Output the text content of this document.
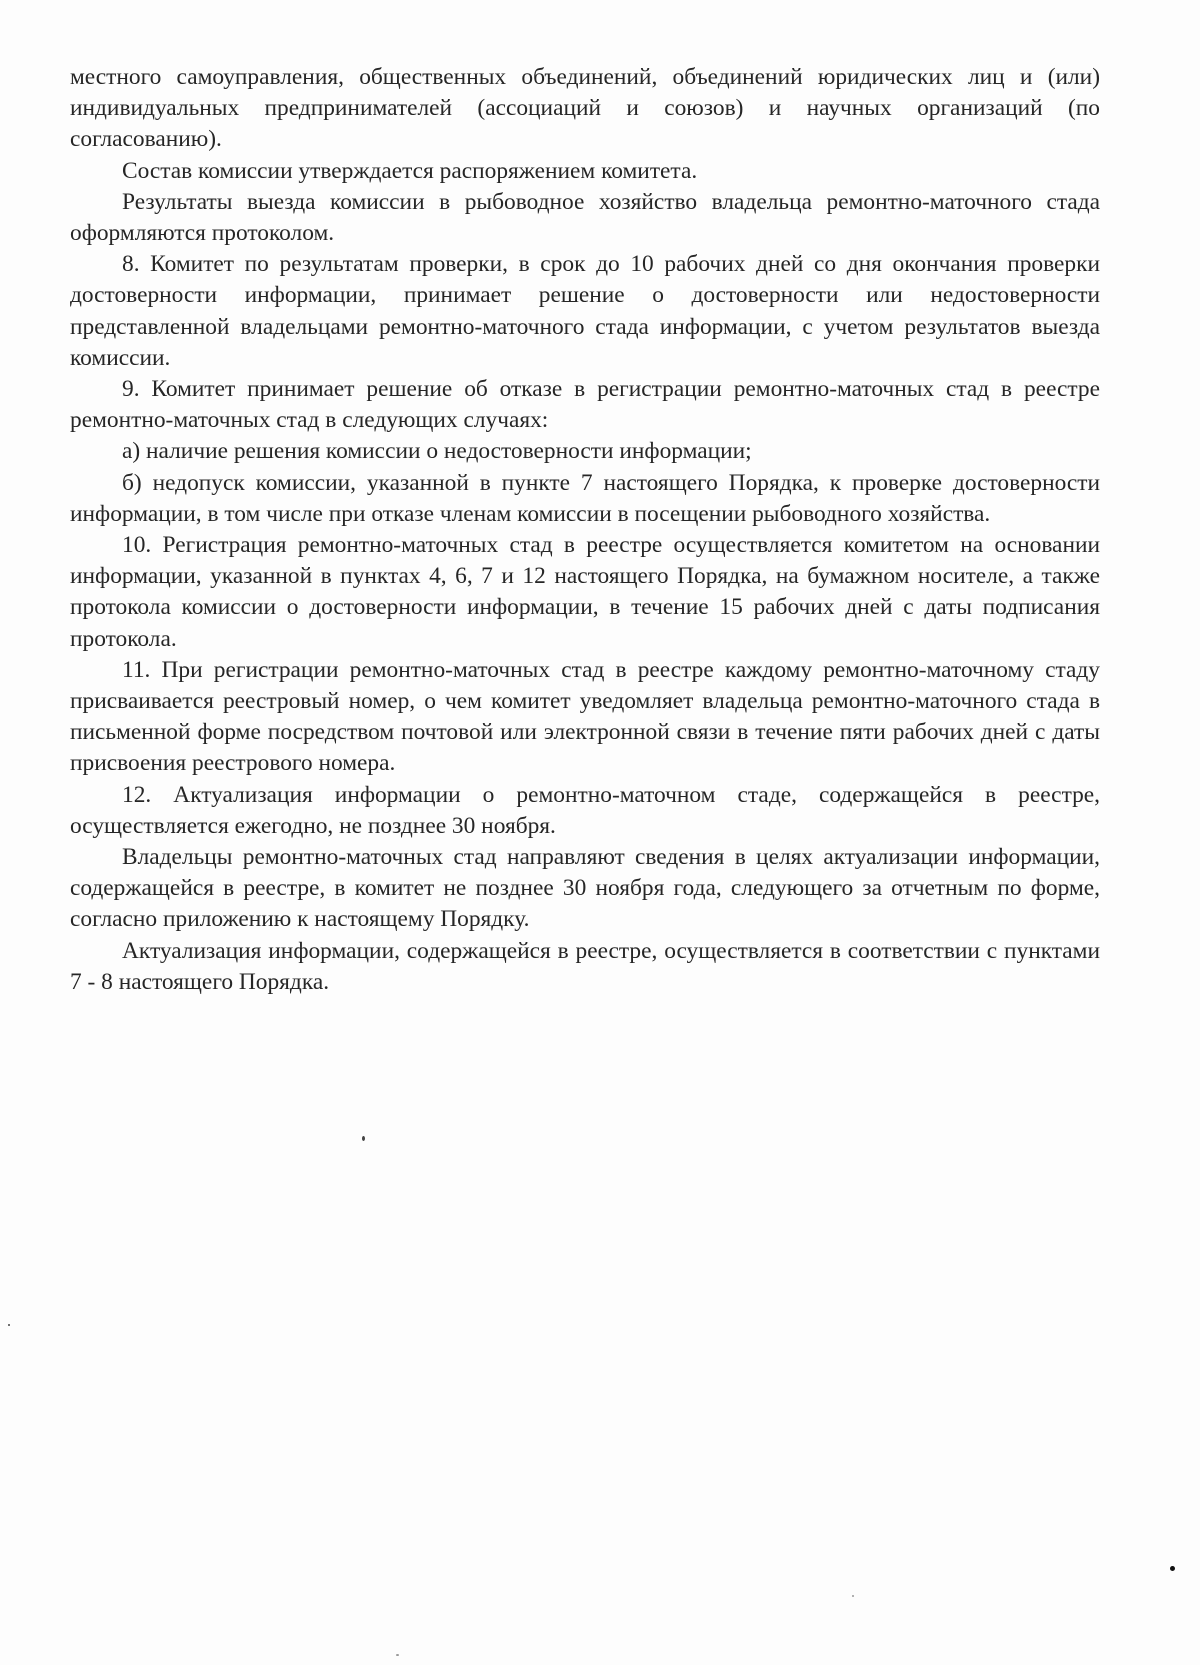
местного самоуправления, общественных объединений, объединений юридических лиц и (или) индивидуальных предпринимателей (ассоциаций и союзов) и научных организаций (по согласованию).

Состав комиссии утверждается распоряжением комитета.

Результаты выезда комиссии в рыбоводное хозяйство владельца ремонтно-маточного стада оформляются протоколом.

8. Комитет по результатам проверки, в срок до 10 рабочих дней со дня окончания проверки достоверности информации, принимает решение о достоверности или недостоверности представленной владельцами ремонтно-маточного стада информации, с учетом результатов выезда комиссии.

9. Комитет принимает решение об отказе в регистрации ремонтно-маточных стад в реестре ремонтно-маточных стад в следующих случаях:

а) наличие решения комиссии о недостоверности информации;

б) недопуск комиссии, указанной в пункте 7 настоящего Порядка, к проверке достоверности информации, в том числе при отказе членам комиссии в посещении рыбоводного хозяйства.

10. Регистрация ремонтно-маточных стад в реестре осуществляется комитетом на основании информации, указанной в пунктах 4, 6, 7 и 12 настоящего Порядка, на бумажном носителе, а также протокола комиссии о достоверности информации, в течение 15 рабочих дней с даты подписания протокола.

11. При регистрации ремонтно-маточных стад в реестре каждому ремонтно-маточному стаду присваивается реестровый номер, о чем комитет уведомляет владельца ремонтно-маточного стада в письменной форме посредством почтовой или электронной связи в течение пяти рабочих дней с даты присвоения реестрового номера.

12. Актуализация информации о ремонтно-маточном стаде, содержащейся в реестре, осуществляется ежегодно, не позднее 30 ноября.

Владельцы ремонтно-маточных стад направляют сведения в целях актуализации информации, содержащейся в реестре, в комитет не позднее 30 ноября года, следующего за отчетным по форме, согласно приложению к настоящему Порядку.

Актуализация информации, содержащейся в реестре, осуществляется в соответствии с пунктами 7 - 8 настоящего Порядка.
